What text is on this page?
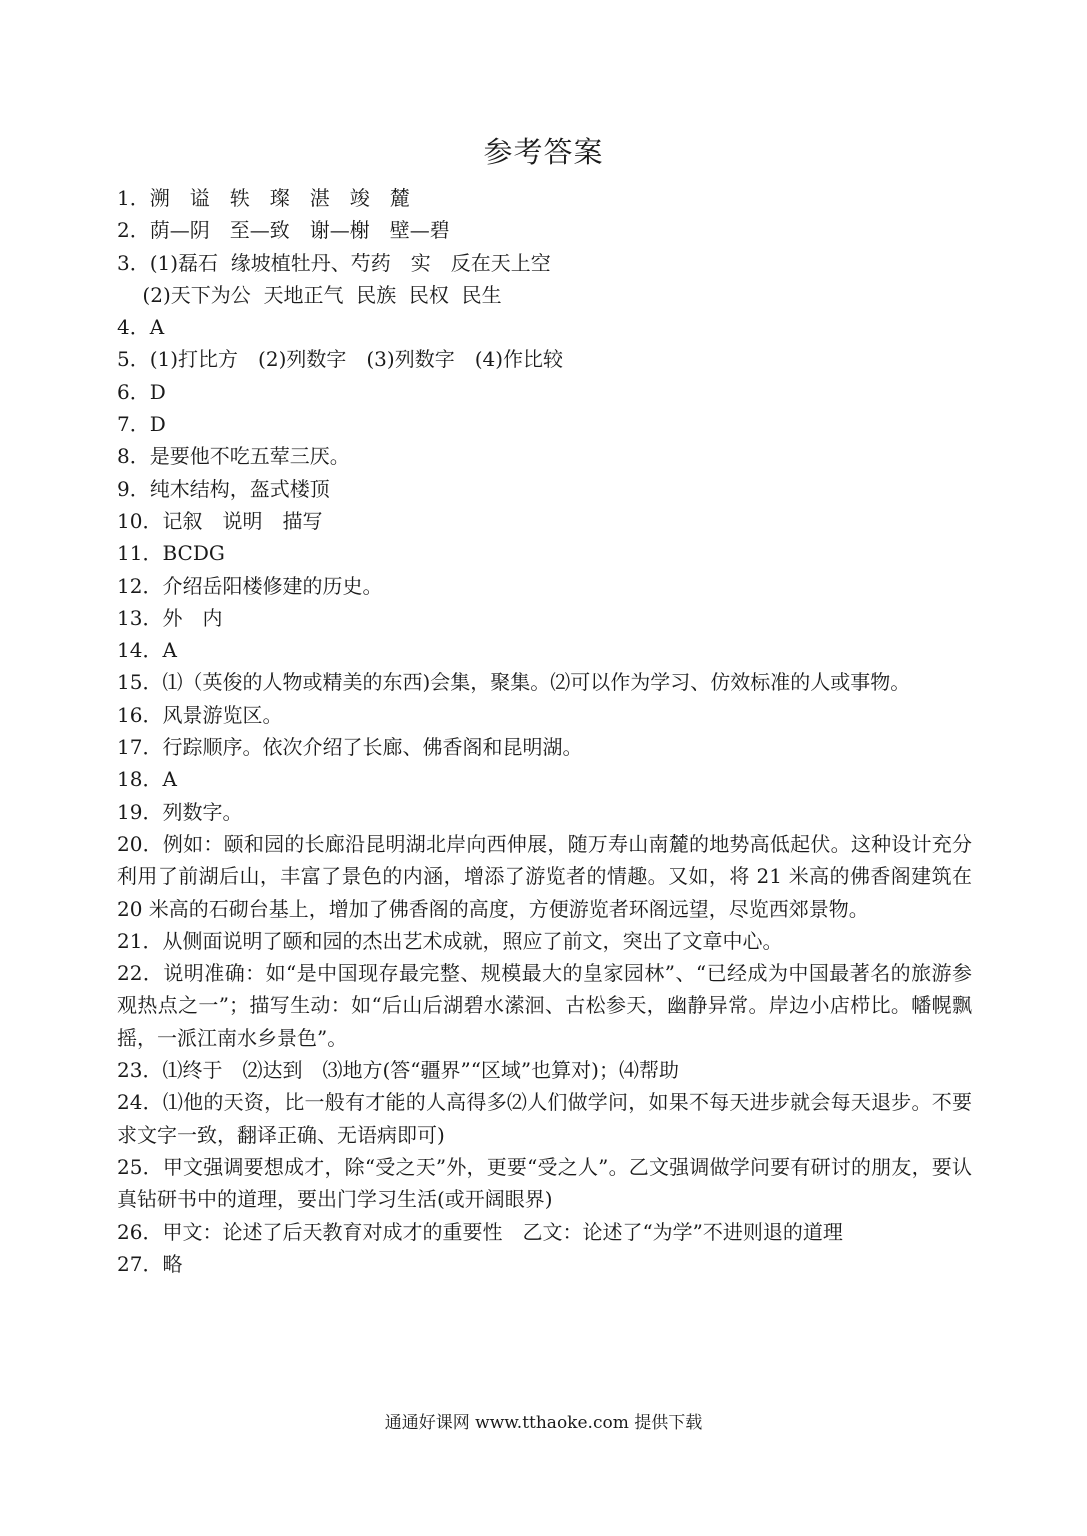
参考答案
1．溯　谥　轶　璨　湛　竣　麓
2．荫—阴　至—致　谢—榭　壁—碧
3．(1)磊石  缘坡植牡丹、芍药　实　反在天上空
(2)天下为公  天地正气  民族  民权  民生
4．A
5．(1)打比方　(2)列数字　(3)列数字　(4)作比较
6．D
7．D
8．是要他不吃五荤三厌。
9．纯木结构，盔式楼顶
10．记叙　说明　描写
11．BCDG
12．介绍岳阳楼修建的历史。
13．外　内
14．A
15．⑴（英俊的人物或精美的东西)会集，聚集。⑵可以作为学习、仿效标准的人或事物。
16．风景游览区。
17．行踪顺序。依次介绍了长廊、佛香阁和昆明湖。
18．A
19．列数字。
20．例如：颐和园的长廊沿昆明湖北岸向西伸展，随万寿山南麓的地势高低起伏。这种设计充分利用了前湖后山，丰富了景色的内涵，增添了游览者的情趣。又如，将 21 米高的佛香阁建筑在 20 米高的石砌台基上，增加了佛香阁的高度，方便游览者环阁远望，尽览西郊景物。
21．从侧面说明了颐和园的杰出艺术成就，照应了前文，突出了文章中心。
22．说明准确：如“是中国现存最完整、规模最大的皇家园林”、“已经成为中国最著名的旅游参观热点之一”；描写生动：如“后山后湖碧水潆洄、古松参天，幽静异常。岸边小店栉比。幡幌飘摇，一派江南水乡景色”。
23．⑴终于　⑵达到　⑶地方(答“疆界”“区域”也算对)；⑷帮助
24．⑴他的天资，比一般有才能的人高得多⑵人们做学问，如果不每天进步就会每天退步。不要求文字一致，翻译正确、无语病即可)
25．甲文强调要想成才，除“受之天”外，更要“受之人”。乙文强调做学问要有研讨的朋友，要认真钻研书中的道理，要出门学习生活(或开阔眼界)
26．甲文：论述了后天教育对成才的重要性　乙文：论述了“为学”不进则退的道理
27．略
通通好课网 www.tthaoke.com 提供下载
